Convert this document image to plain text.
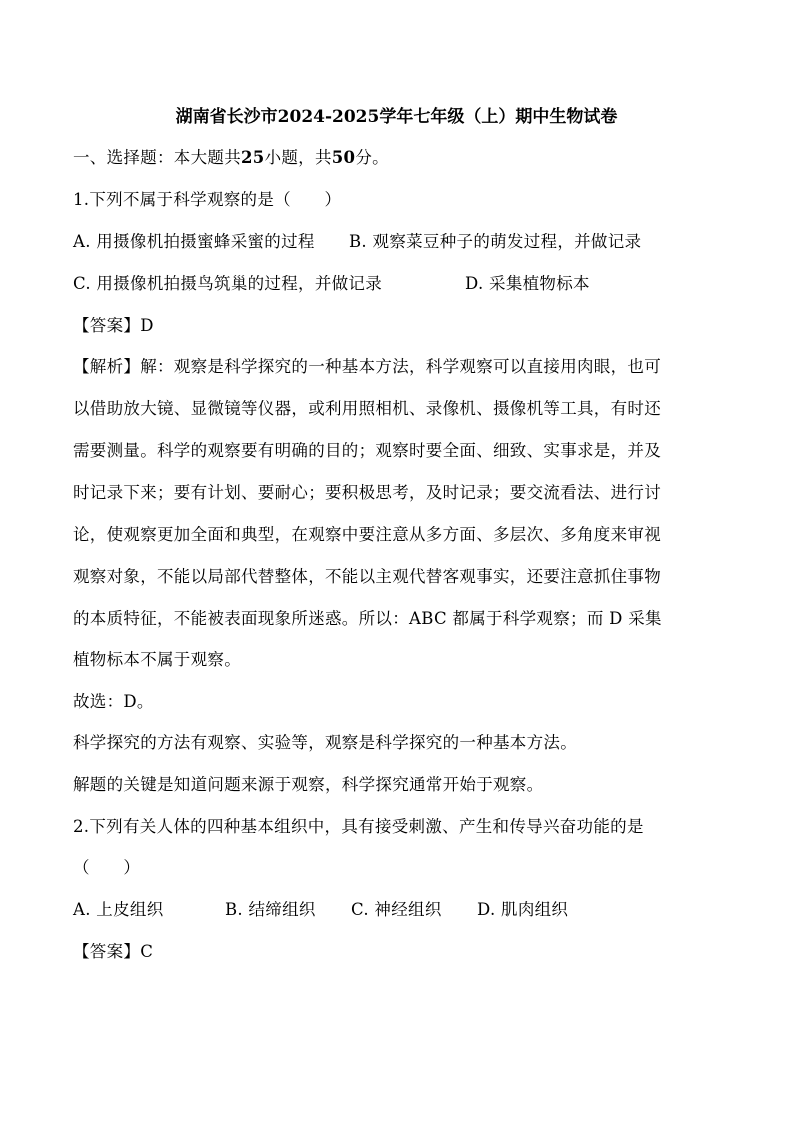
湖南省长沙市2024-2025学年七年级（上）期中生物试卷
一、选择题：本大题共25小题，共50分。
1.下列不属于科学观察的是（　　）
A. 用摄像机拍摄蜜蜂采蜜的过程 B. 观察菜豆种子的萌发过程，并做记录
C. 用摄像机拍摄鸟筑巢的过程，并做记录	D. 采集植物标本
【答案】D
【解析】解：观察是科学探究的一种基本方法，科学观察可以直接用肉眼，也可
以借助放大镜、显微镜等仪器，或利用照相机、录像机、摄像机等工具，有时还
需要测量。科学的观察要有明确的目的；观察时要全面、细致、实事求是，并及
时记录下来；要有计划、要耐心；要积极思考，及时记录；要交流看法、进行讨
论，使观察更加全面和典型，在观察中要注意从多方面、多层次、多角度来审视
观察对象，不能以局部代替整体，不能以主观代替客观事实，还要注意抓住事物
的本质特征，不能被表面现象所迷惑。所以：ABC 都属于科学观察；而 D 采集
植物标本不属于观察。
故选：D。
科学探究的方法有观察、实验等，观察是科学探究的一种基本方法。
解题的关键是知道问题来源于观察，科学探究通常开始于观察。
2.下列有关人体的四种基本组织中，具有接受刺激、产生和传导兴奋功能的是
（　　）
A. 上皮组织	B. 结缔组织 C. 神经组织 D. 肌肉组织
【答案】C
